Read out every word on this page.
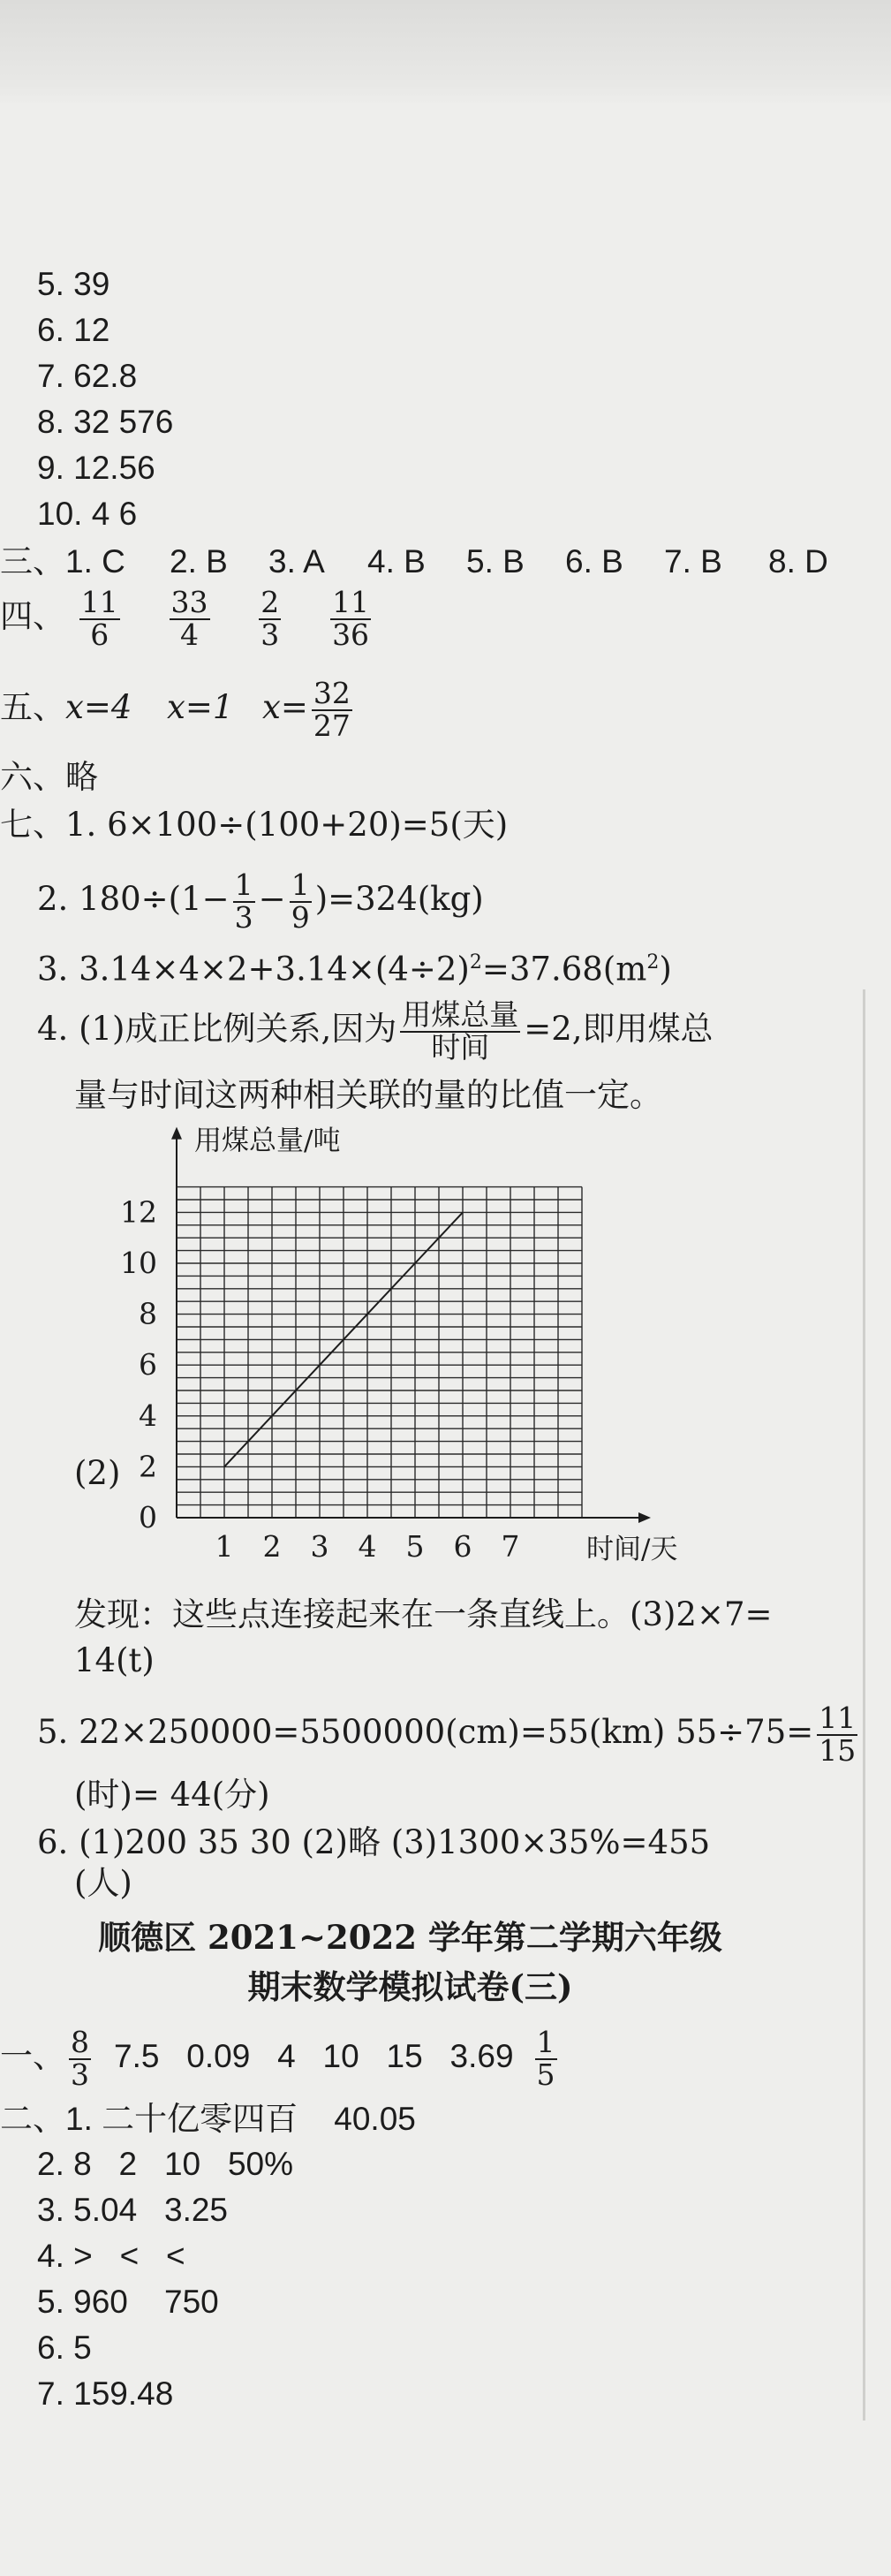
5. 39
6. 12
7. 62.8
8. 32 576
9. 12.56
10. 4 6
三、1. C 2. B 3. A 4. B 5. B 6. B 7. B 8. D
四、 $\frac{11}{6}$
$\frac{33}{4}$
$\frac{2}{3}$
$\frac{11}{36}$
五、x=4 x=1 $x= \frac{32}{27}$
六、略
七、1. 6×100÷(100+20)=5(天)
2. $180\div(1- \frac{1}{3} - \frac{1}{9} )=324(kg)$
3. $3.14\times 4\times 2+3.14\times(4\div 2)^2=37.68(m^2)$
4. (1)成正比例关系,因为 $\frac{\text{用煤总量}}{\text{时间}} =2$,即用煤总
量与时间这两种相关联的量的比值一定。
用煤总量/吨
时间/天
0
2
4
6
8
10
12
1 2 3 4 5 6 7
(2)
发现：这些点连接起来在一条直线上。(3)2×7=
14(t)
5. 22×250000=5500000(cm)=55(km) $55\div 75= \frac{11}{15}$
(时)= 44(分)
6. (1)200 35 30 (2)略 (3)1300×35%=455
(人)
顺德区 2021~2022 学年第二学期六年级
期末数学模拟试卷(三)
一、 $\frac{8}{3} 7.5$   0.09   4   10   15   $3.69 \frac{1}{5}$
二、1. 二十亿零四百    40.05
2. 8   2   10   50%
3. 5.04   3.25
4. >   <   <
5. 960    750
6. 5
7. 159.48
